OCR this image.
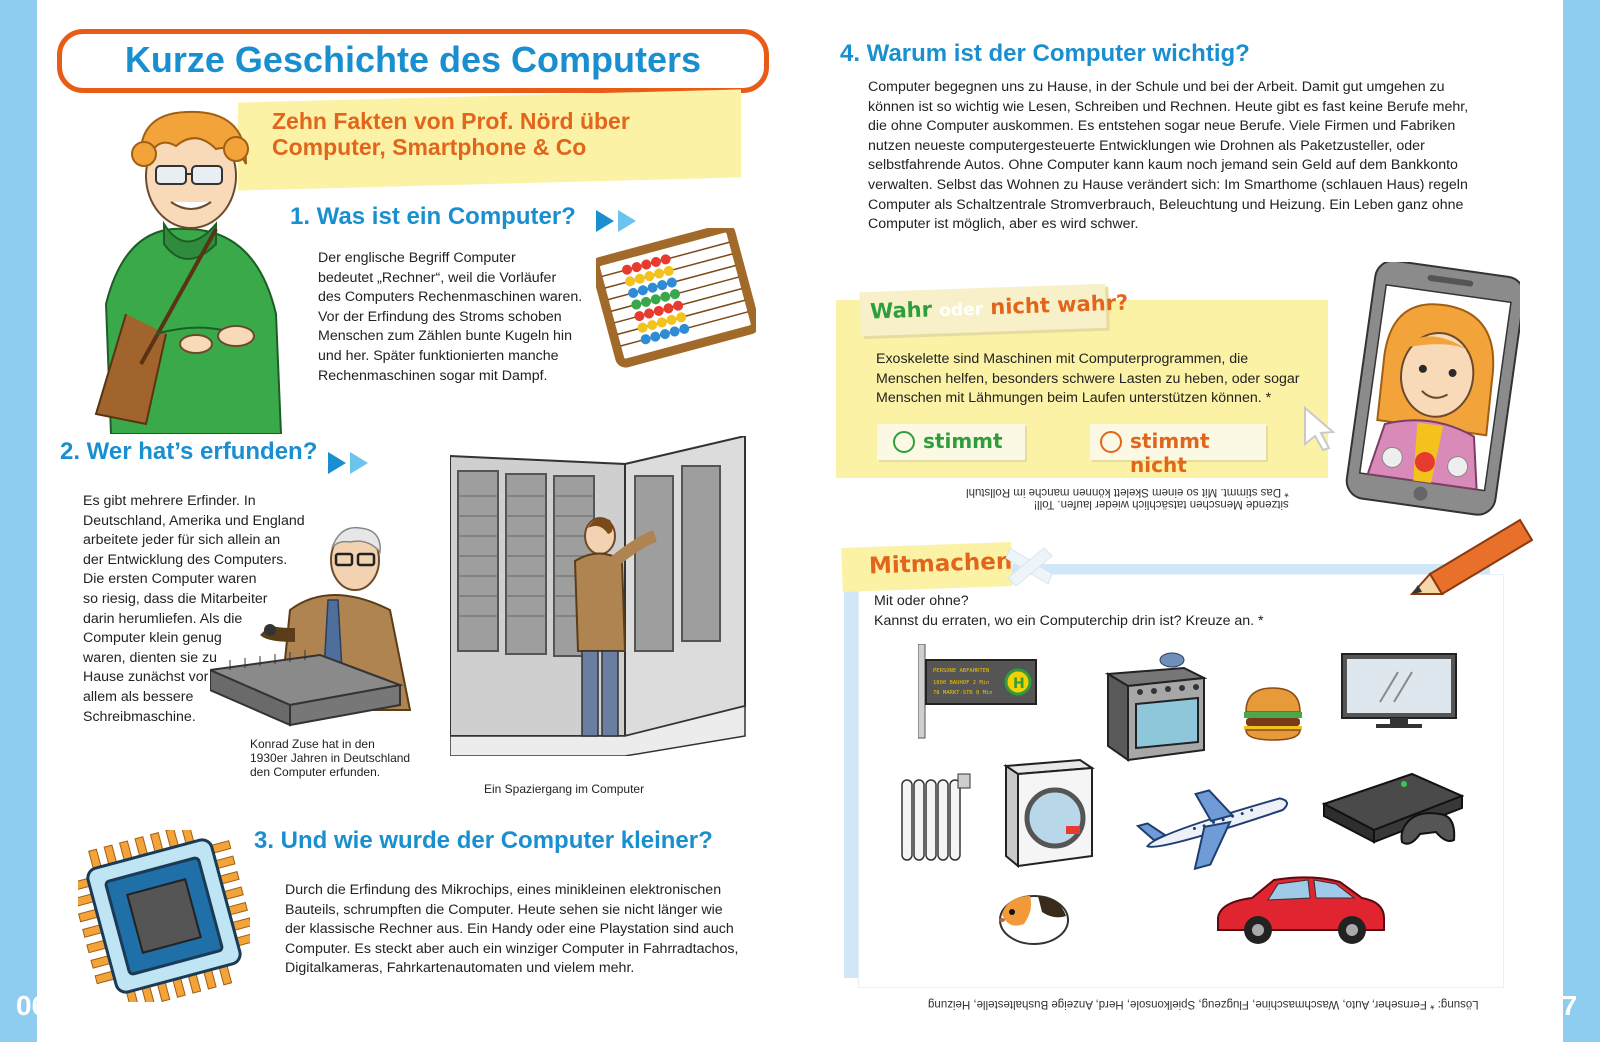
06	07
Kurze Geschichte des Computers
Zehn Fakten von Prof. Nörd über
Computer, Smartphone & Co
1. Was ist ein Computer?
Der englische Begriff Computer
bedeutet „Rechner“, weil die Vorläufer
des Computers Rechenmaschinen waren.
Vor der Erfindung des Stroms schoben
Menschen zum Zählen bunte Kugeln hin
und her. Später funktionierten manche
Rechenmaschinen sogar mit Dampf.
2. Wer hat’s erfunden?
Es gibt mehrere Erfinder. In
Deutschland, Amerika und England
arbeitete jeder für sich allein an
der Entwicklung des Computers.
Die ersten Computer waren
so riesig, dass die Mitarbeiter
darin herumliefen. Als die
Computer klein genug
waren, dienten sie zu
Hause zunächst vor
allem als bessere
Schreibmaschine.
Konrad Zuse hat in den
1930er Jahren in Deutschland
den Computer erfunden.
Ein Spaziergang im Computer
3. Und wie wurde der Computer kleiner?
Durch die Erfindung des Mikrochips, eines minikleinen elektronischen
Bauteils, schrumpften die Computer. Heute sehen sie nicht länger wie
der klassische Rechner aus. Ein Handy oder eine Playstation sind auch
Computer. Es steckt aber auch ein winziger Computer in Fahrradtachos,
Digitalkameras, Fahrkartenautomaten und vielem mehr.
4. Warum ist der Computer wichtig?
Computer begegnen uns zu Hause, in der Schule und bei der Arbeit. Damit gut umgehen zu
können ist so wichtig wie Lesen, Schreiben und Rechnen. Heute gibt es fast keine Berufe mehr,
die ohne Computer auskommen. Es entstehen sogar neue Berufe. Viele Firmen und Fabriken
nutzen neueste computergesteuerte Entwicklungen wie Drohnen als Paketzusteller, oder
selbstfahrende Autos. Ohne Computer kann kaum noch jemand sein Geld auf dem Bankkonto
verwalten. Selbst das Wohnen zu Hause verändert sich: Im Smarthome (schlauen Haus) regeln
Computer als Schaltzentrale Stromverbrauch, Beleuchtung und Heizung. Ein Leben ganz ohne
Computer ist möglich, aber es wird schwer.
Wahr oder nicht wahr?
Exoskelette sind Maschinen mit Computerprogrammen, die
Menschen helfen, besonders schwere Lasten zu heben, oder sogar
Menschen mit Lähmungen beim Laufen unterstützen können. *
stimmt	stimmt nicht
sitzende Menschen tatsächlich wieder laufen. Toll!
* Das stimmt. Mit so einem Skelett können manche im Rollstuhl
Mitmachen
Mit oder ohne?
Kannst du erraten, wo ein Computerchip drin ist? Kreuze an. *
PERSONE ABFAHRTEN
1800 BAUHOF 2 Min
78 MARKT-STR 8 Min
H
Lösung: * Fernseher, Auto, Waschmaschine, Flugzeug, Spielkonsole, Herd, Anzeige Bushaltestelle, Heizung
